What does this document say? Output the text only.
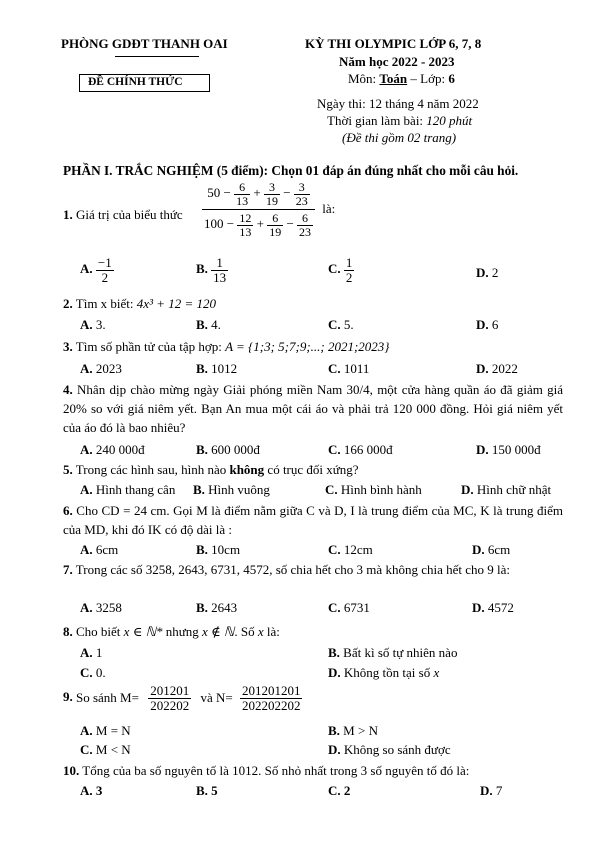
PHÒNG GDĐT THANH OAI
ĐỀ CHÍNH THỨC
KỲ THI OLYMPIC LỚP 6, 7, 8
Năm học 2022 - 2023
Môn: Toán – Lớp: 6
Ngày thi: 12 tháng 4 năm 2022
Thời gian làm bài: 120 phút
(Đề thi gồm 02 trang)
PHẦN I. TRẮC NGHIỆM (5 điểm): Chọn 01 đáp án đúng nhất cho mỗi câu hỏi.
1. Giá trị của biểu thức $\frac{50 - \frac{6}{13} + \frac{3}{19} - \frac{3}{23}}{100 - \frac{12}{13} + \frac{6}{19} - \frac{6}{23}}$ là:
A. $\frac{-1}{2}$	B. $\frac{1}{13}$	C. $\frac{1}{2}$	D. 2
2. Tìm x biết: 4x³ + 12 = 120
A. 3.	B. 4.	C. 5.	D. 6
3. Tìm số phần tử của tập hợp: A = {1;3; 5;7;9;...; 2021;2023}
A. 2023	B. 1012	C. 1011	D. 2022
4. Nhân dịp chào mừng ngày Giải phóng miền Nam 30/4, một cửa hàng quần áo đã giảm giá 20% so với giá niêm yết. Bạn An mua một cái áo và phải trả 120 000 đồng. Hỏi giá niêm yết của áo đó là bao nhiêu?
A. 240 000đ	B. 600 000đ	C. 166 000đ	D. 150 000đ
5. Trong các hình sau, hình nào không có trục đối xứng?
A. Hình thang cân B. Hình vuông	C. Hình bình hành	D. Hình chữ nhật
6. Cho CD = 24 cm. Gọi M là điểm nằm giữa C và D, I là trung điểm của MC, K là trung điểm của MD, khi đó IK có độ dài là :
A. 6cm	B. 10cm	C. 12cm	D. 6cm
7. Trong các số 3258, 2643, 6731, 4572, số chia hết cho 3 mà không chia hết cho 9 là:
A. 3258	B. 2643	C. 6731	D. 4572
8. Cho biết x ∈ ℕ* nhưng x ∉ ℕ. Số x là:
A. 1	B. Bất kì số tự nhiên nào
C. 0.	D. Không tồn tại số x
9. So sánh $M= \frac{201201}{202202}$ và $N= \frac{201201201}{202202202}$
A. M = N	B. M > N
C. M < N	D. Không so sánh được
10. Tổng của ba số nguyên tố là 1012. Số nhỏ nhất trong 3 số nguyên tố đó là:
A. 3	B. 5	C. 2	D. 7
